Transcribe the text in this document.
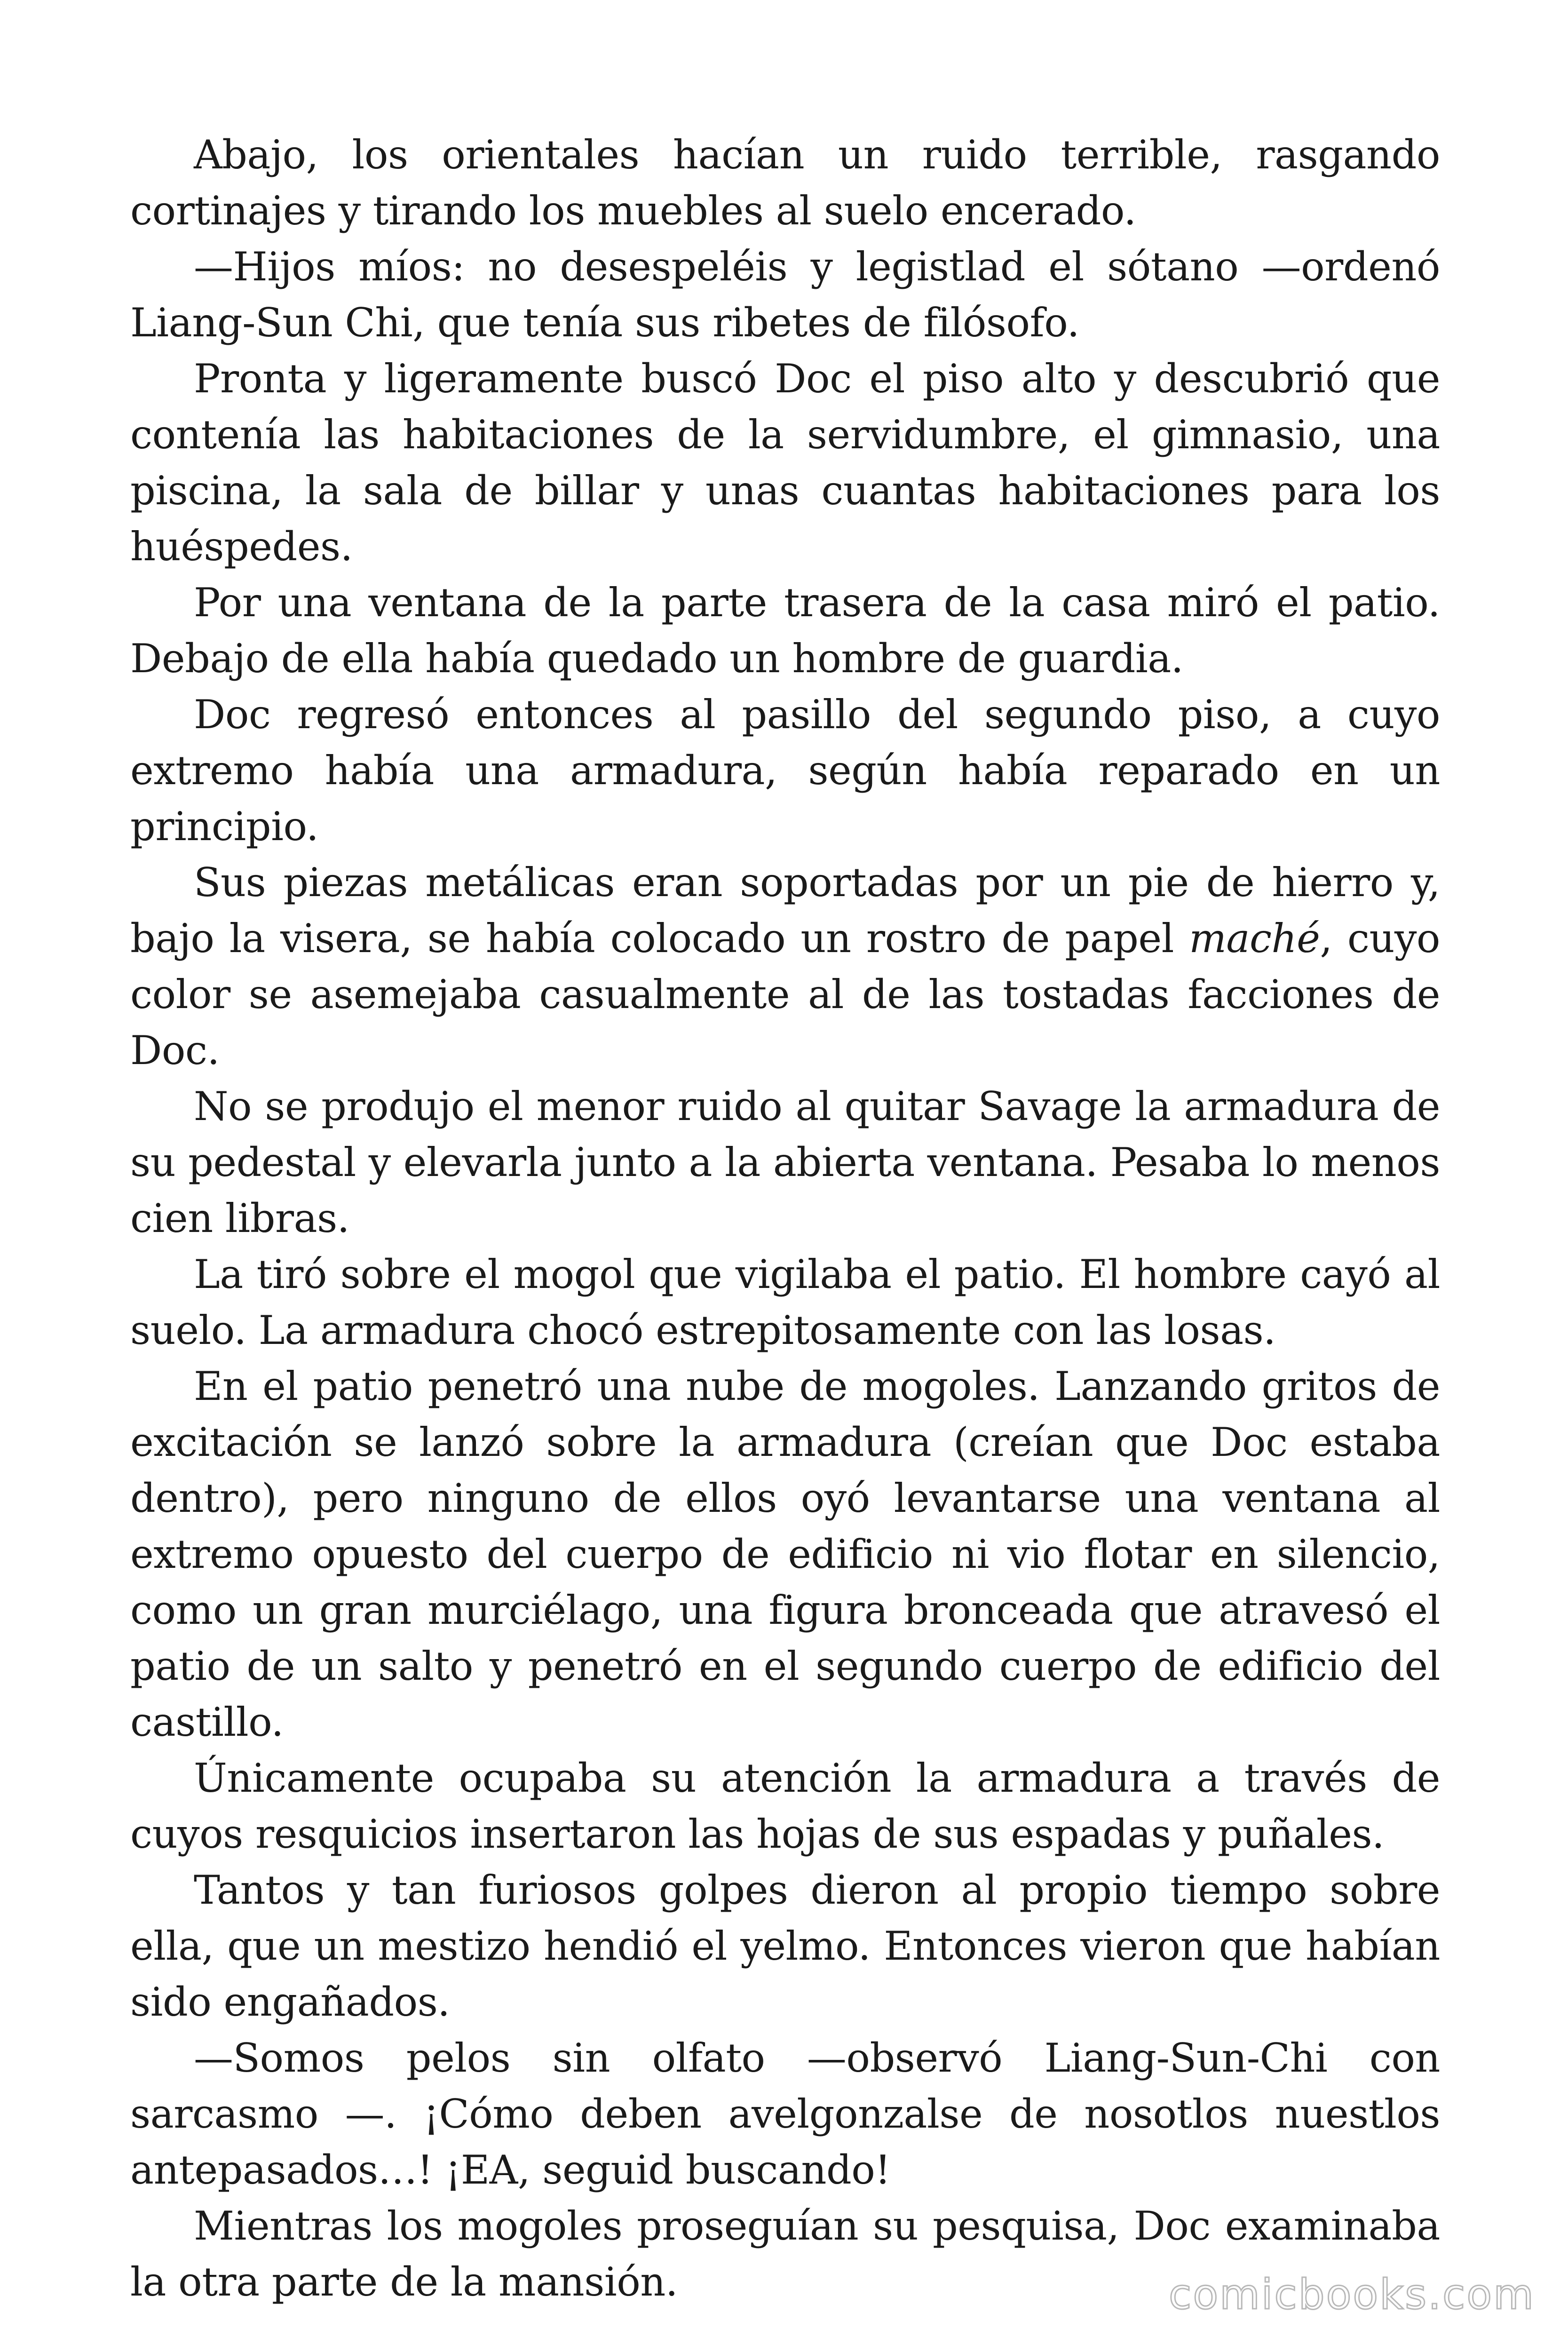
Abajo, los orientales hacían un ruido terrible, rasgando cortinajes y tirando los muebles al suelo encerado.

—Hijos míos: no desespeléis y legistlad el sótano —ordenó Liang-Sun Chi, que tenía sus ribetes de filósofo.

Pronta y ligeramente buscó Doc el piso alto y descubrió que contenía las habitaciones de la servidumbre, el gimnasio, una piscina, la sala de billar y unas cuantas habitaciones para los huéspedes.

Por una ventana de la parte trasera de la casa miró el patio. Debajo de ella había quedado un hombre de guardia.

Doc regresó entonces al pasillo del segundo piso, a cuyo extremo había una armadura, según había reparado en un principio.

Sus piezas metálicas eran soportadas por un pie de hierro y, bajo la visera, se había colocado un rostro de papel maché, cuyo color se asemejaba casualmente al de las tostadas facciones de Doc.

No se produjo el menor ruido al quitar Savage la armadura de su pedestal y elevarla junto a la abierta ventana. Pesaba lo menos cien libras.

La tiró sobre el mogol que vigilaba el patio. El hombre cayó al suelo. La armadura chocó estrepitosamente con las losas.

En el patio penetró una nube de mogoles. Lanzando gritos de excitación se lanzó sobre la armadura (creían que Doc estaba dentro), pero ninguno de ellos oyó levantarse una ventana al extremo opuesto del cuerpo de edificio ni vio flotar en silencio, como un gran murciélago, una figura bronceada que atravesó el patio de un salto y penetró en el segundo cuerpo de edificio del castillo.

Únicamente ocupaba su atención la armadura a través de cuyos resquicios insertaron las hojas de sus espadas y puñales.

Tantos y tan furiosos golpes dieron al propio tiempo sobre ella, que un mestizo hendió el yelmo. Entonces vieron que habían sido engañados.

—Somos pelos sin olfato —observó Liang-Sun-Chi con sarcasmo —. ¡Cómo deben avelgonzalse de nosotlos nuestlos antepasados…! ¡EA, seguid buscando!

Mientras los mogoles proseguían su pesquisa, Doc examinaba la otra parte de la mansión.	comicbooks.com
